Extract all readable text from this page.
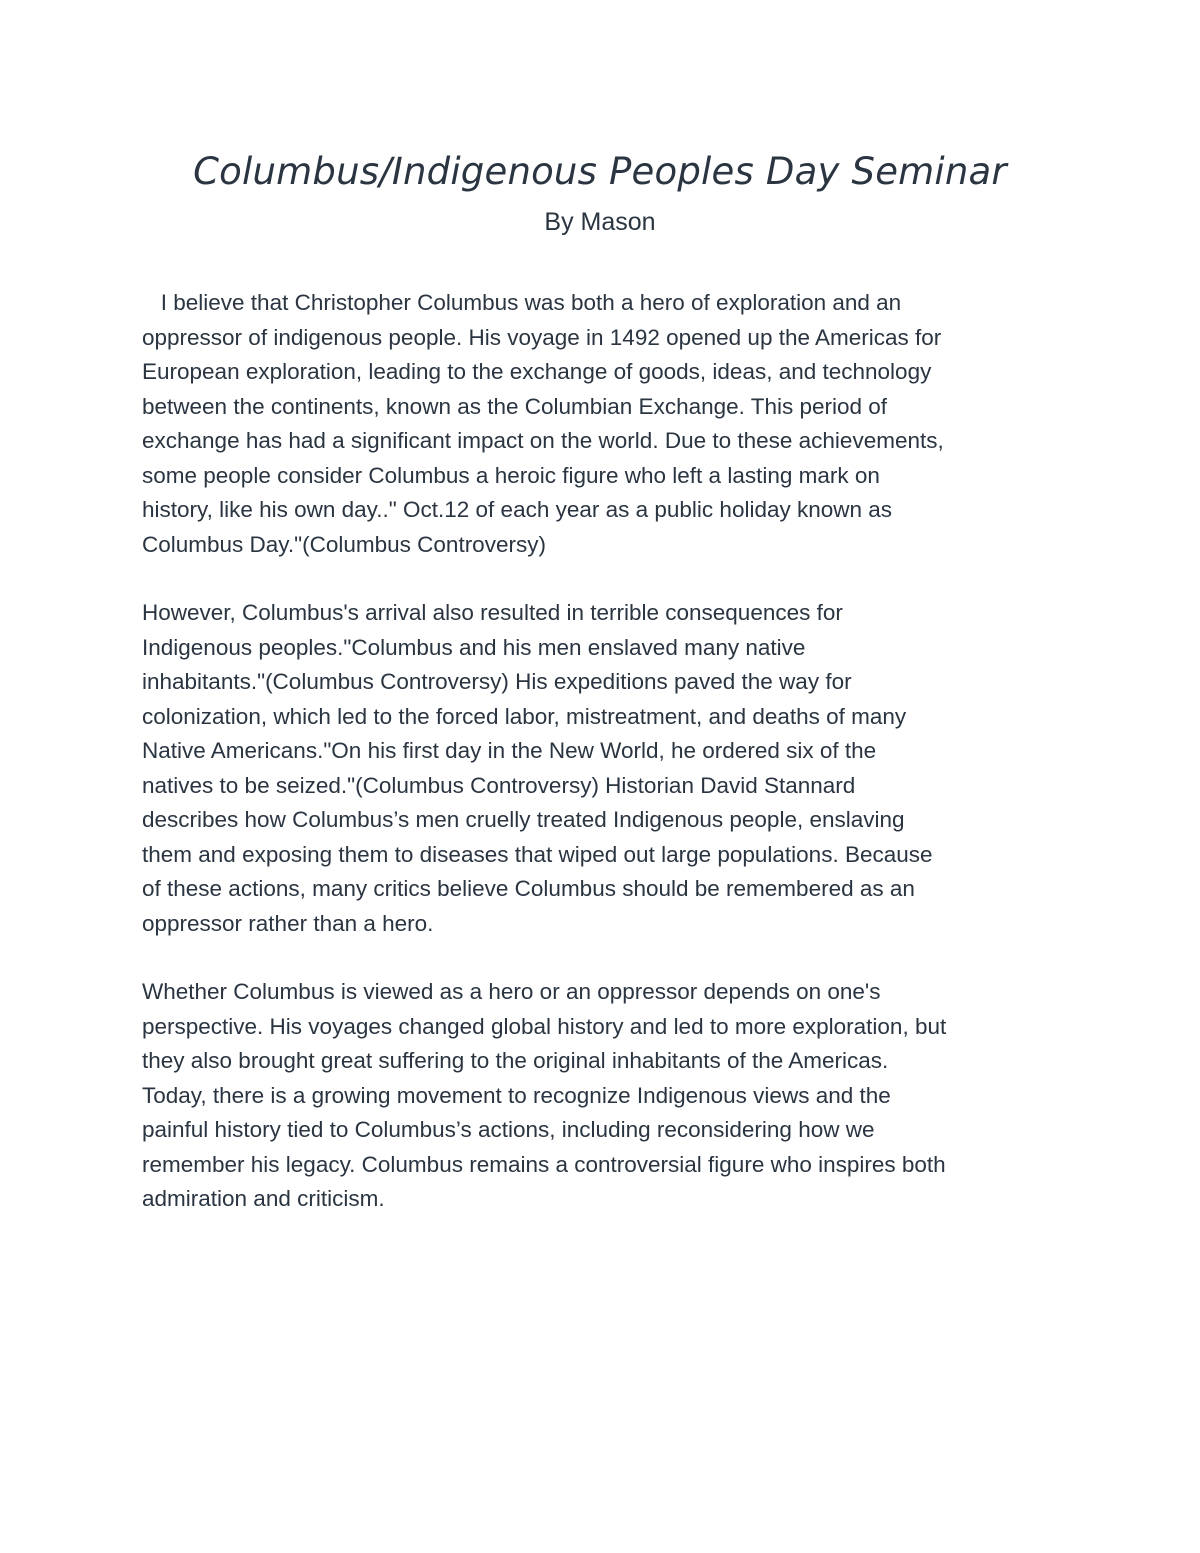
Columbus/Indigenous Peoples Day Seminar

By Mason

I believe that Christopher Columbus was both a hero of exploration and an
oppressor of indigenous people. His voyage in 1492 opened up the Americas for
European exploration, leading to the exchange of goods, ideas, and technology
between the continents, known as the Columbian Exchange. This period of
exchange has had a significant impact on the world. Due to these achievements,
some people consider Columbus a heroic figure who left a lasting mark on
history, like his own day.." Oct.12 of each year as a public holiday known as
Columbus Day."(Columbus Controversy)

However, Columbus's arrival also resulted in terrible consequences for
Indigenous peoples."Columbus and his men enslaved many native
inhabitants."(Columbus Controversy) His expeditions paved the way for
colonization, which led to the forced labor, mistreatment, and deaths of many
Native Americans."On his first day in the New World, he ordered six of the
natives to be seized."(Columbus Controversy) Historian David Stannard
describes how Columbus’s men cruelly treated Indigenous people, enslaving
them and exposing them to diseases that wiped out large populations. Because
of these actions, many critics believe Columbus should be remembered as an
oppressor rather than a hero.

Whether Columbus is viewed as a hero or an oppressor depends on one's
perspective. His voyages changed global history and led to more exploration, but
they also brought great suffering to the original inhabitants of the Americas.
Today, there is a growing movement to recognize Indigenous views and the
painful history tied to Columbus’s actions, including reconsidering how we
remember his legacy. Columbus remains a controversial figure who inspires both
admiration and criticism.
